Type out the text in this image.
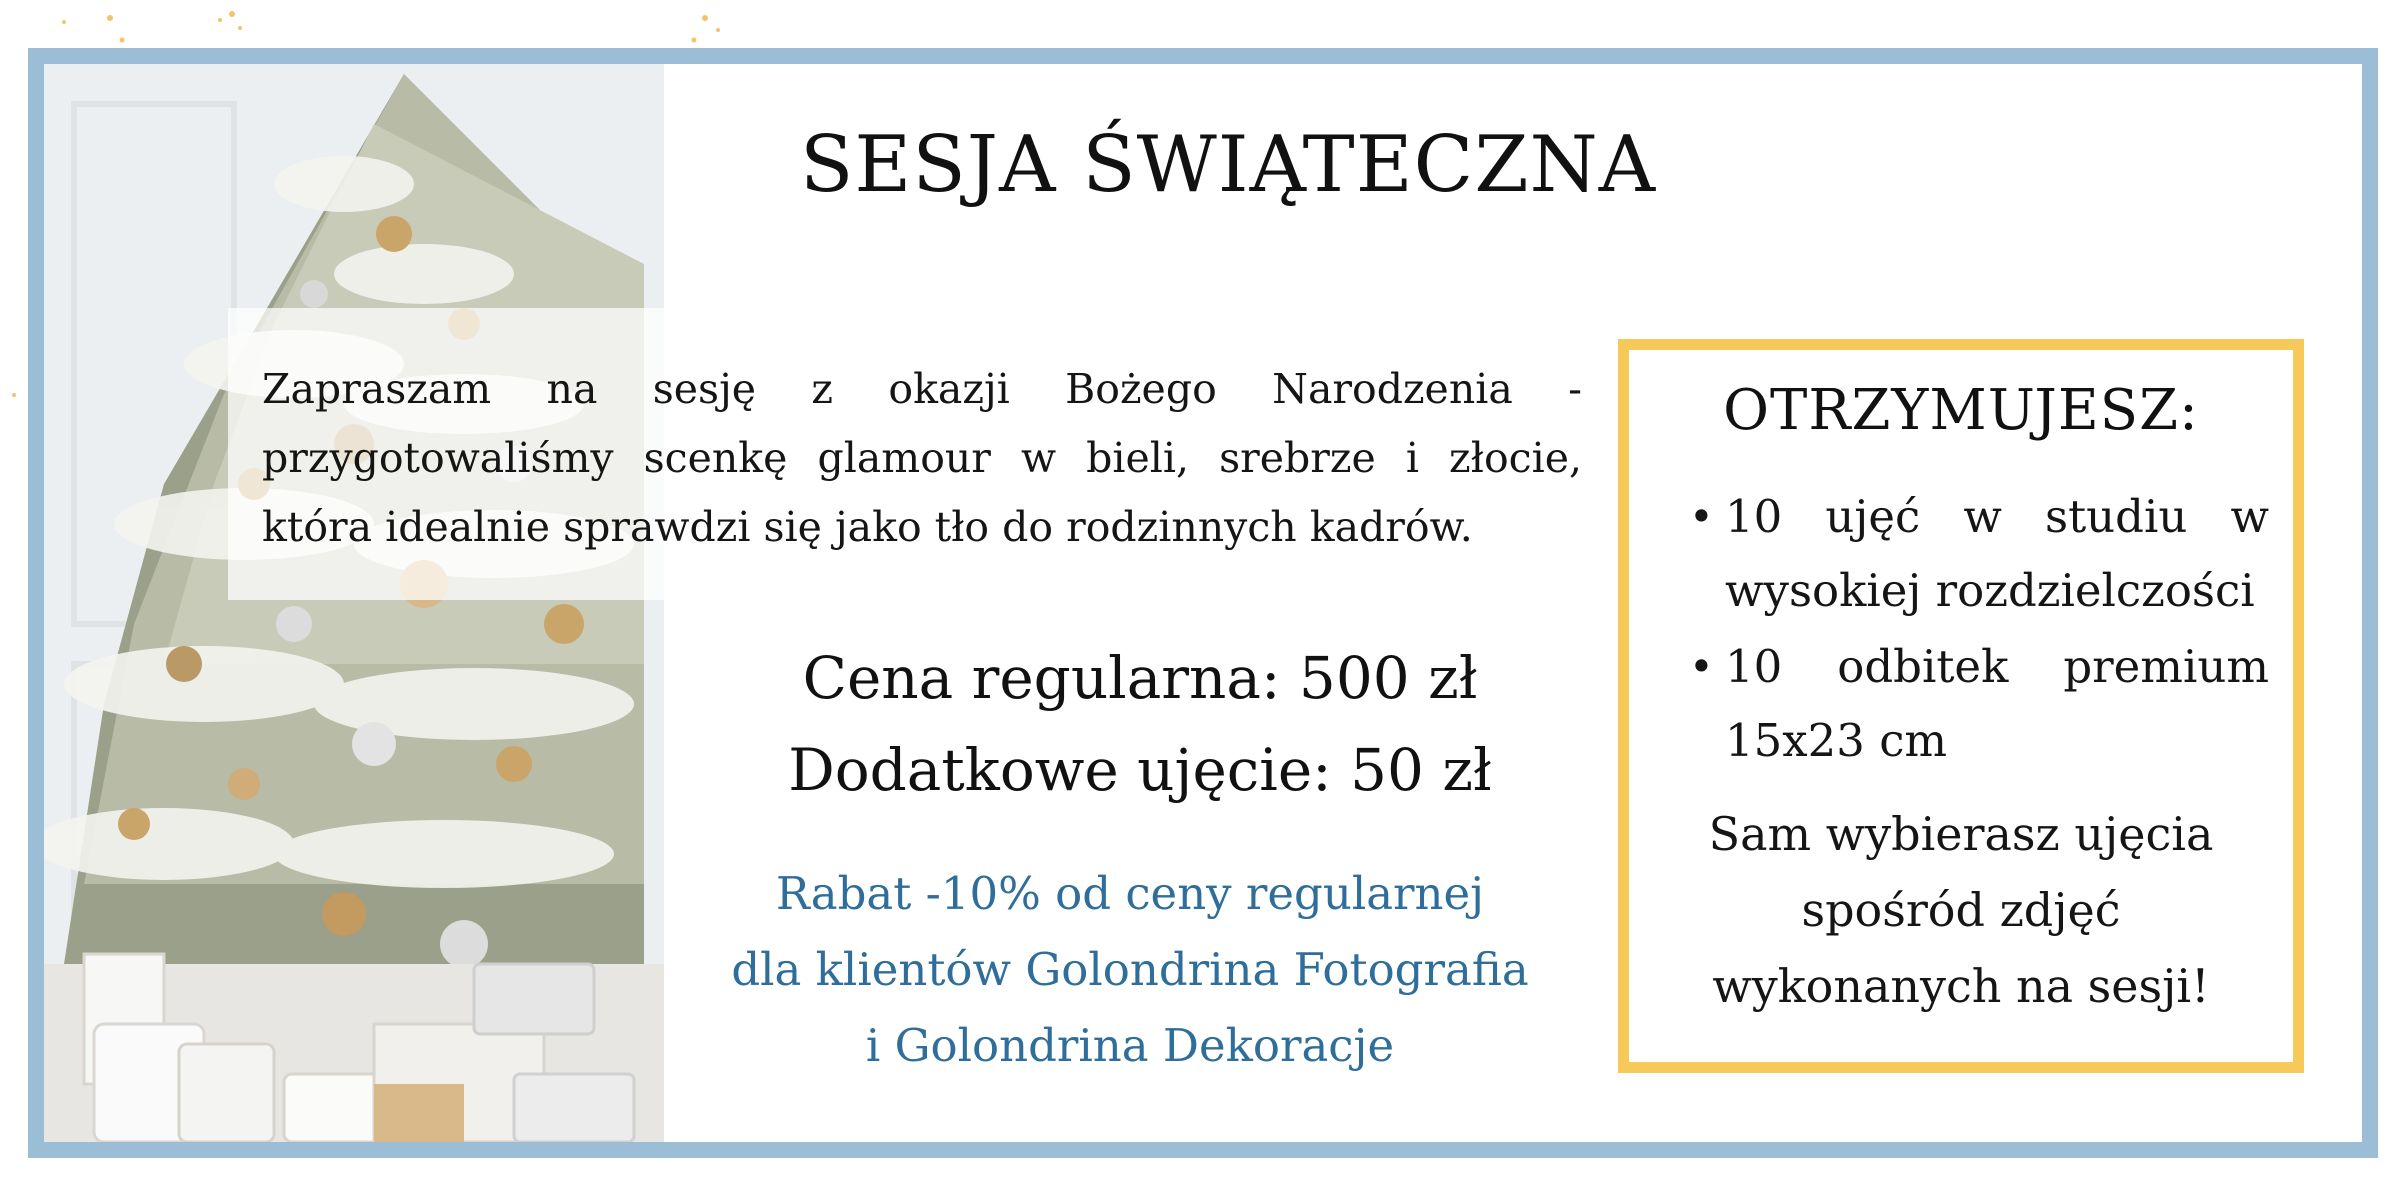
SESJA ŚWIĄTECZNA
Zapraszam na sesję z okazji Bożego Narodzenia - przygotowaliśmy scenkę glamour w bieli, srebrze i złocie, która idealnie sprawdzi się jako tło do rodzinnych kadrów.
Cena regularna: 500 zł
Dodatkowe ujęcie: 50 zł
Rabat -10% od ceny regularnej
dla klientów Golondrina Fotografia
i Golondrina Dekoracje
OTRZYMUJESZ:
• 10 ujęć w studiu w wysokiej rozdzielczości
• 10 odbitek premium 15x23 cm
Sam wybierasz ujęcia
spośród zdjęć
wykonanych na sesji!
